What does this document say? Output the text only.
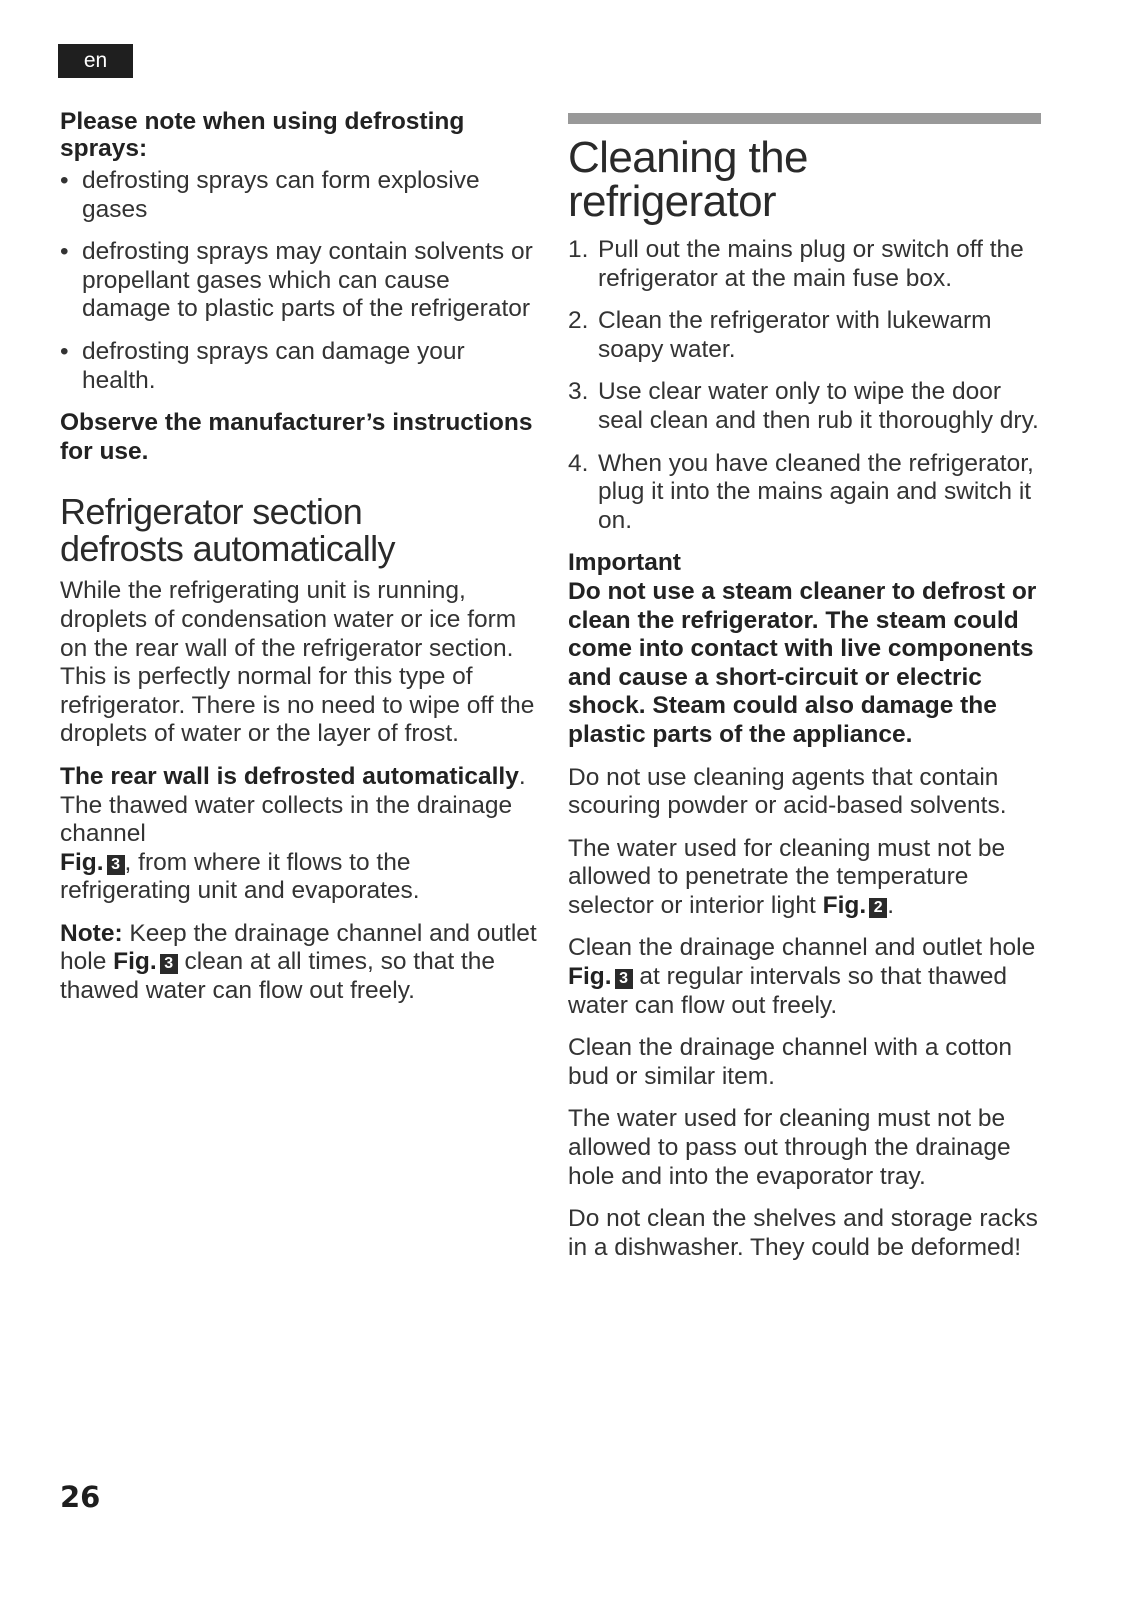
en

Please note when using defrosting sprays:

• defrosting sprays can form explosive gases
• defrosting sprays may contain solvents or propellant gases which can cause damage to plastic parts of the refrigerator
• defrosting sprays can damage your health.

Observe the manufacturer’s instructions for use.

Refrigerator section
defrosts automatically

While the refrigerating unit is running, droplets of condensation water or ice form on the rear wall of the refrigerator section. This is perfectly normal for this type of refrigerator. There is no need to wipe off the droplets of water or the layer of frost.

The rear wall is defrosted automatically. The thawed water collects in the drainage channel
Fig. 3 , from where it flows to the refrigerating unit and evaporates.

Note: Keep the drainage channel and outlet hole Fig. 3 clean at all times, so that the thawed water can flow out freely.

Cleaning the
refrigerator
1. Pull out the mains plug or switch off the refrigerator at the main fuse box.
2. Clean the refrigerator with lukewarm soapy water.
3. Use clear water only to wipe the door seal clean and then rub it thoroughly dry.
4. When you have cleaned the refrigerator, plug it into the mains again and switch it on.

Important

Do not use a steam cleaner to defrost or clean the refrigerator. The steam could come into contact with live components and cause a short-circuit or electric shock. Steam could also damage the plastic parts of the appliance.

Do not use cleaning agents that contain scouring powder or acid-based solvents.

The water used for cleaning must not be allowed to penetrate the temperature selector or interior light Fig. 2 .

Clean the drainage channel and outlet hole Fig. 3 at regular intervals so that thawed water can flow out freely.

Clean the drainage channel with a cotton bud or similar item.

The water used for cleaning must not be allowed to pass out through the drainage hole and into the evaporator tray.

Do not clean the shelves and storage racks in a dishwasher. They could be deformed!

26
